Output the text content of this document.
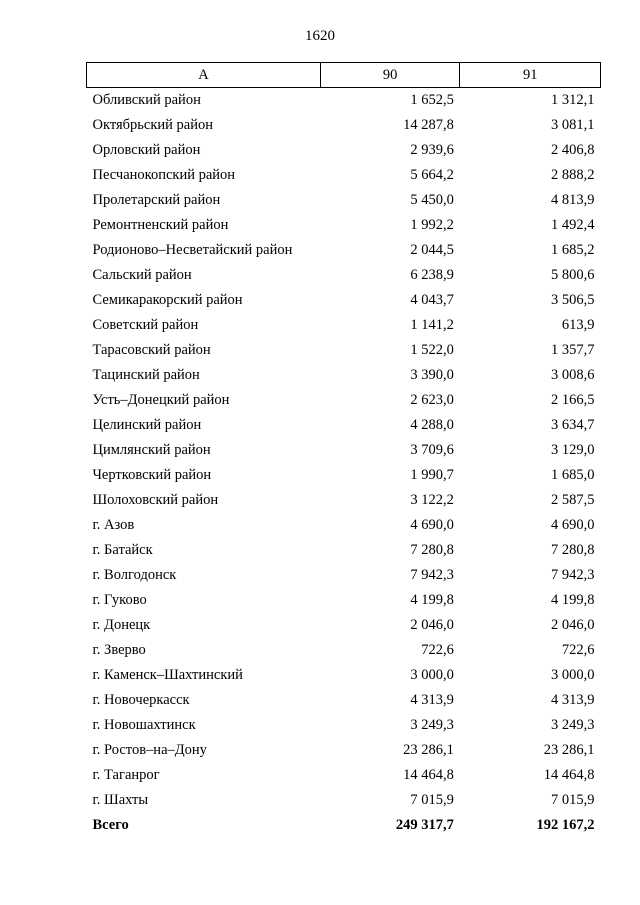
1620
А	90	91
Обливский район	1 652,5	1 312,1
Октябрьский район	14 287,8	3 081,1
Орловский район	2 939,6	2 406,8
Песчанокопский район	5 664,2	2 888,2
Пролетарский район	5 450,0	4 813,9
Ремонтненский район	1 992,2	1 492,4
Родионово–Несветайский район	2 044,5	1 685,2
Сальский район	6 238,9	5 800,6
Семикаракорский район	4 043,7	3 506,5
Советский район	1 141,2	613,9
Тарасовский район	1 522,0	1 357,7
Тацинский район	3 390,0	3 008,6
Усть–Донецкий район	2 623,0	2 166,5
Целинский район	4 288,0	3 634,7
Цимлянский район	3 709,6	3 129,0
Чертковский район	1 990,7	1 685,0
Шолоховский район	3 122,2	2 587,5
г. Азов	4 690,0	4 690,0
г. Батайск	7 280,8	7 280,8
г. Волгодонск	7 942,3	7 942,3
г. Гуково	4 199,8	4 199,8
г. Донецк	2 046,0	2 046,0
г. Зверво	722,6	722,6
г. Каменск–Шахтинский	3 000,0	3 000,0
г. Новочеркасск	4 313,9	4 313,9
г. Новошахтинск	3 249,3	3 249,3
г. Ростов–на–Дону	23 286,1	23 286,1
г. Таганрог	14 464,8	14 464,8
г. Шахты	7 015,9	7 015,9
Всего	249 317,7	192 167,2
